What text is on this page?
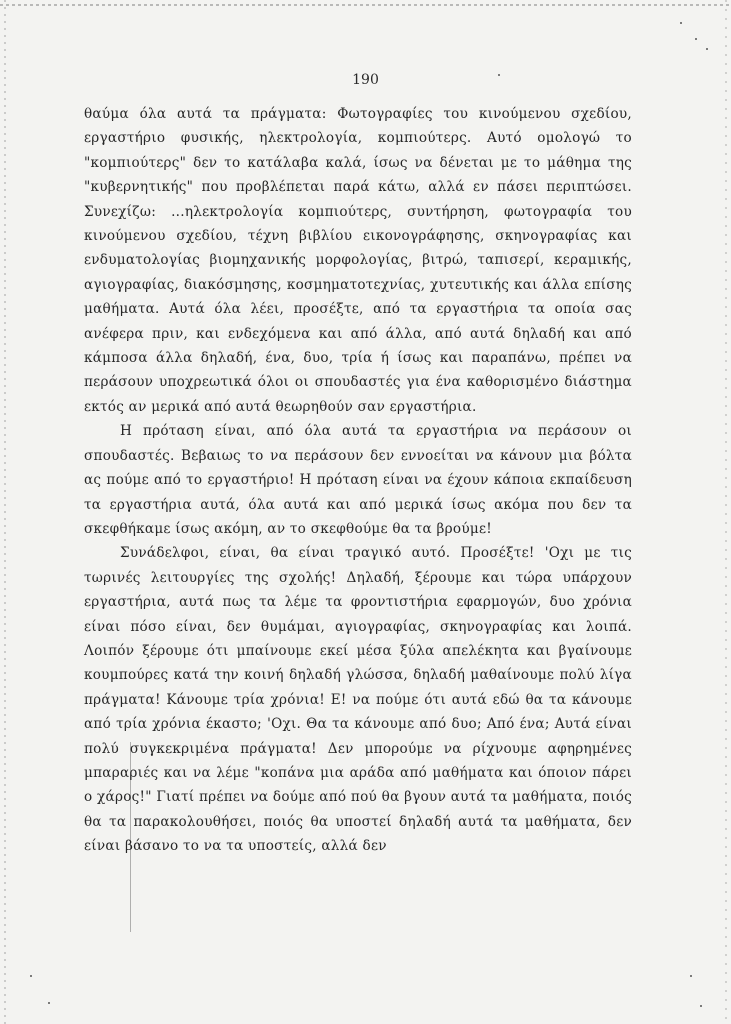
190

θαύμα όλα αυτά τα πράγματα: Φωτογραφίες του κινούμενου σχεδίου, εργαστήριο φυσικής, ηλεκτρολογία, κομπιούτερς. Αυτό ομολογώ το "κομπιούτερς" δεν το κατάλαβα καλά, ίσως να δένεται με το μάθημα της "κυβερνητικής" που προβλέπεται παρά κάτω, αλλά εν πάσει περιπτώσει. Συνεχίζω: ...ηλεκτρολογία κομπιούτερς, συντήρηση, φωτογραφία του κινούμενου σχεδίου, τέχνη βιβλίου εικονογράφησης, σκηνογραφίας και ενδυματολογίας βιομηχανικής μορφολογίας, βιτρώ, ταπισερί, κεραμικής, αγιογραφίας, διακόσμησης, κοσμηματοτεχνίας, χυτευτικής και άλλα επίσης μαθήματα. Αυτά όλα λέει, προσέξτε, από τα εργαστήρια τα οποία σας ανέφερα πριν, και ενδεχόμενα και από άλλα, από αυτά δηλαδή και από κάμποσα άλλα δηλαδή, ένα, δυο, τρία ή ίσως και παραπάνω, πρέπει να περάσουν υποχρεωτικά όλοι οι σπουδαστές για ένα καθορισμένο διάστημα εκτός αν μερικά από αυτά θεωρηθούν σαν εργαστήρια.

Η πρόταση είναι, από όλα αυτά τα εργαστήρια να περάσουν οι σπουδαστές. Βεβαιως το να περάσουν δεν εννοείται να κάνουν μια βόλτα ας πούμε από το εργαστήριο! Η πρόταση είναι να έχουν κάποια εκπαίδευση τα εργαστήρια αυτά, όλα αυτά και από μερικά ίσως ακόμα που δεν τα σκεφθήκαμε ίσως ακόμη, αν το σκεφθούμε θα τα βρούμε!

Συνάδελφοι, είναι, θα είναι τραγικό αυτό. Προσέξτε! 'Οχι με τις τωρινές λειτουργίες της σχολής! Δηλαδή, ξέρουμε και τώρα υπάρχουν εργαστήρια, αυτά πως τα λέμε τα φροντιστήρια εφαρμογών, δυο χρόνια είναι πόσο είναι, δεν θυμάμαι, αγιογραφίας, σκηνογραφίας και λοιπά. Λοιπόν ξέρουμε ότι μπαίνουμε εκεί μέσα ξύλα απελέκητα και βγαίνουμε κουμπούρες κατά την κοινή δηλαδή γλώσσα, δηλαδή μαθαίνουμε πολύ λίγα πράγματα! Κάνουμε τρία χρόνια! Ε! να πούμε ότι αυτά εδώ θα τα κάνουμε από τρία χρόνια έκαστο; 'Οχι. Θα τα κάνουμε από δυο; Από ένα; Αυτά είναι πολύ συγκεκριμένα πράγματα! Δεν μπορούμε να ρίχνουμε αφηρημένες μπαραριές και να λέμε "κοπάνα μια αράδα από μαθήματα και όποιον πάρει ο χάρος!" Γιατί πρέπει να δούμε από πού θα βγουν αυτά τα μαθήματα, ποιός θα τα παρακολουθήσει, ποιός θα υποστεί δηλαδή αυτά τα μαθήματα, δεν είναι βάσανο το να τα υποστείς, αλλά δεν
